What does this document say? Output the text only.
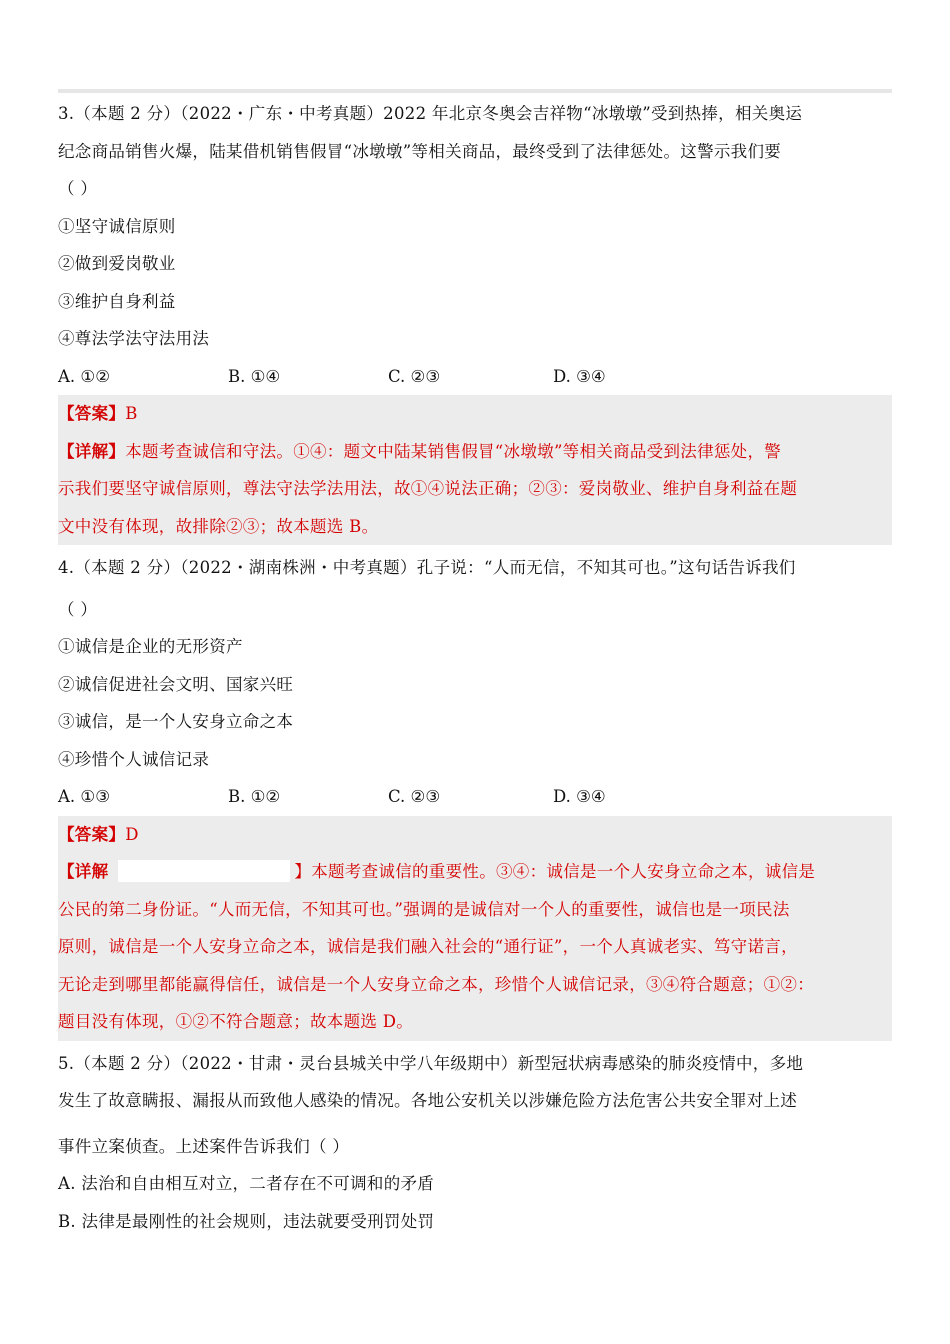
3.（本题 2 分）（2022・广东・中考真题）2022 年北京冬奥会吉祥物“冰墩墩”受到热捧，相关奥运
纪念商品销售火爆，陆某借机销售假冒“冰墩墩”等相关商品，最终受到了法律惩处。这警示我们要
（ ）
①坚守诚信原则
②做到爱岗敬业
③维护自身利益
④尊法学法守法用法
A. ①②	B. ①④	C. ②③	D. ③④
【答案】B
【详解】本题考查诚信和守法。①④：题文中陆某销售假冒“冰墩墩”等相关商品受到法律惩处，警
示我们要坚守诚信原则，尊法守法学法用法，故①④说法正确；②③：爱岗敬业、维护自身利益在题
文中没有体现，故排除②③；故本题选 B。
4.（本题 2 分）（2022・湖南株洲・中考真题）孔子说：“人而无信，不知其可也。”这句话告诉我们
（ ）
①诚信是企业的无形资产
②诚信促进社会文明、国家兴旺
③诚信，是一个人安身立命之本
④珍惜个人诚信记录
A. ①③	B. ①②	C. ②③	D. ③④
【答案】D
【详解	】本题考查诚信的重要性。③④：诚信是一个人安身立命之本，诚信是
公民的第二身份证。“人而无信，不知其可也。”强调的是诚信对一个人的重要性，诚信也是一项民法
原则，诚信是一个人安身立命之本，诚信是我们融入社会的“通行证”，一个人真诚老实、笃守诺言，
无论走到哪里都能赢得信任，诚信是一个人安身立命之本，珍惜个人诚信记录，③④符合题意；①②：
题目没有体现，①②不符合题意；故本题选 D。
5.（本题 2 分）（2022・甘肃・灵台县城关中学八年级期中）新型冠状病毒感染的肺炎疫情中，多地
发生了故意瞒报、漏报从而致他人感染的情况。各地公安机关以涉嫌危险方法危害公共安全罪对上述
事件立案侦查。上述案件告诉我们（ ）
A. 法治和自由相互对立，二者存在不可调和的矛盾
B. 法律是最刚性的社会规则，违法就要受刑罚处罚
